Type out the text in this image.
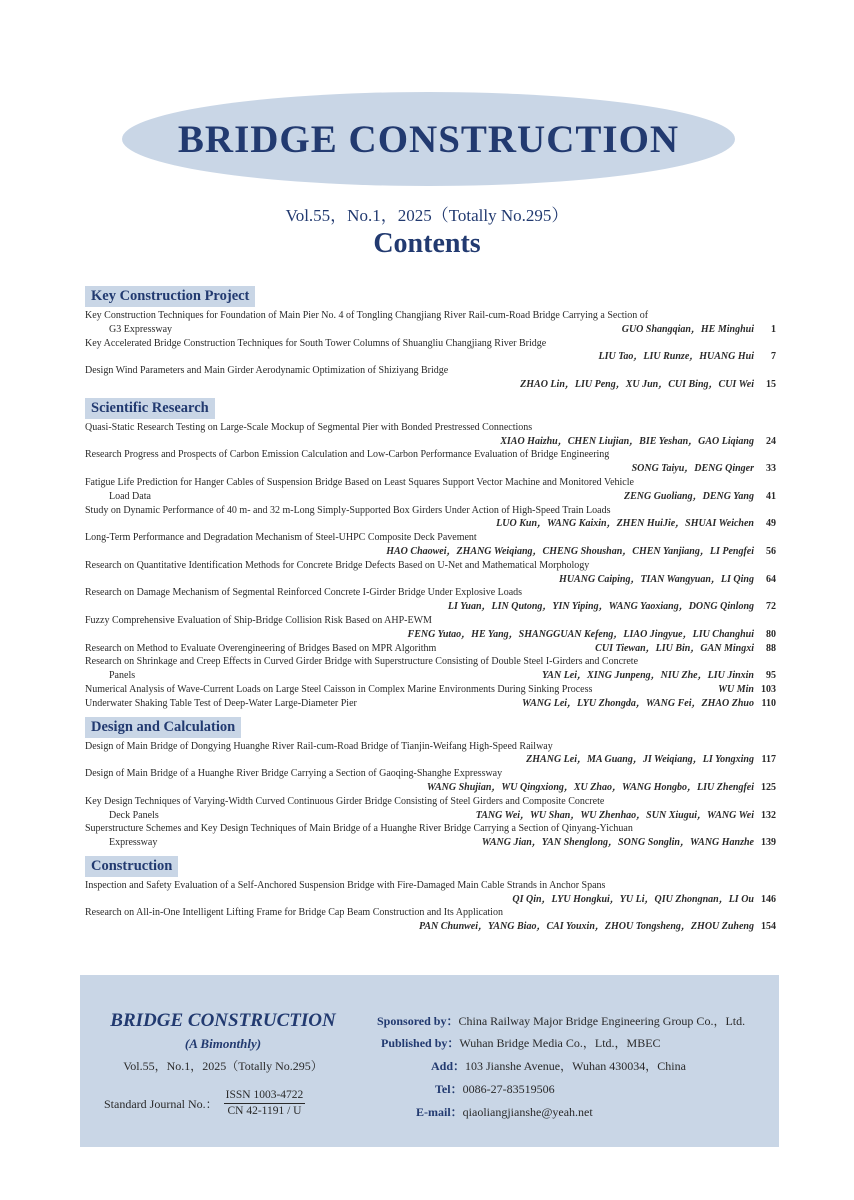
BRIDGE CONSTRUCTION
Vol.55，No.1，2025（Totally No.295）
Contents
Key Construction Project
Key Construction Techniques for Foundation of Main Pier No. 4 of Tongling Changjiang River Rail-cum-Road Bridge Carrying a Section of
G3 Expressway	GUO Shangqian，HE Minghui	1
Key Accelerated Bridge Construction Techniques for South Tower Columns of Shuangliu Changjiang River Bridge
LIU Tao，LIU Runze，HUANG Hui	7
Design Wind Parameters and Main Girder Aerodynamic Optimization of Shiziyang Bridge
ZHAO Lin，LIU Peng，XU Jun，CUI Bing，CUI Wei	15
Scientific Research
Quasi-Static Research Testing on Large-Scale Mockup of Segmental Pier with Bonded Prestressed Connections
XIAO Haizhu，CHEN Liujian，BIE Yeshan，GAO Liqiang	24
Research Progress and Prospects of Carbon Emission Calculation and Low-Carbon Performance Evaluation of Bridge Engineering
SONG Taiyu，DENG Qinger	33
Fatigue Life Prediction for Hanger Cables of Suspension Bridge Based on Least Squares Support Vector Machine and Monitored Vehicle
Load Data	ZENG Guoliang，DENG Yang	41
Study on Dynamic Performance of 40 m- and 32 m-Long Simply-Supported Box Girders Under Action of High-Speed Train Loads
LUO Kun，WANG Kaixin，ZHEN HuiJie，SHUAI Weichen	49
Long-Term Performance and Degradation Mechanism of Steel-UHPC Composite Deck Pavement
HAO Chaowei，ZHANG Weiqiang，CHENG Shoushan，CHEN Yanjiang，LI Pengfei	56
Research on Quantitative Identification Methods for Concrete Bridge Defects Based on U-Net and Mathematical Morphology
HUANG Caiping，TIAN Wangyuan，LI Qing	64
Research on Damage Mechanism of Segmental Reinforced Concrete I-Girder Bridge Under Explosive Loads
LI Yuan，LIN Qutong，YIN Yiping，WANG Yaoxiang，DONG Qinlong	72
Fuzzy Comprehensive Evaluation of Ship-Bridge Collision Risk Based on AHP-EWM
FENG Yutao，HE Yang，SHANGGUAN Kefeng，LIAO Jingyue，LIU Changhui	80
Research on Method to Evaluate Overengineering of Bridges Based on MPR Algorithm	CUI Tiewan，LIU Bin，GAN Mingxi	88
Research on Shrinkage and Creep Effects in Curved Girder Bridge with Superstructure Consisting of Double Steel I-Girders and Concrete
Panels	YAN Lei，XING Junpeng，NIU Zhe，LIU Jinxin	95
Numerical Analysis of Wave-Current Loads on Large Steel Caisson in Complex Marine Environments During Sinking Process	WU Min 103
Underwater Shaking Table Test of Deep-Water Large-Diameter Pier	WANG Lei，LYU Zhongda，WANG Fei，ZHAO Zhuo 110
Design and Calculation
Design of Main Bridge of Dongying Huanghe River Rail-cum-Road Bridge of Tianjin-Weifang High-Speed Railway
ZHANG Lei，MA Guang，JI Weiqiang，LI Yongxing 117
Design of Main Bridge of a Huanghe River Bridge Carrying a Section of Gaoqing-Shanghe Expressway
WANG Shujian，WU Qingxiong，XU Zhao，WANG Hongbo，LIU Zhengfei 125
Key Design Techniques of Varying-Width Curved Continuous Girder Bridge Consisting of Steel Girders and Composite Concrete
Deck Panels	TANG Wei，WU Shan，WU Zhenhao，SUN Xiugui，WANG Wei 132
Superstructure Schemes and Key Design Techniques of Main Bridge of a Huanghe River Bridge Carrying a Section of Qinyang-Yichuan
Expressway	WANG Jian，YAN Shenglong，SONG Songlin，WANG Hanzhe 139
Construction
Inspection and Safety Evaluation of a Self-Anchored Suspension Bridge with Fire-Damaged Main Cable Strands in Anchor Spans
QI Qin，LYU Hongkui，YU Li，QIU Zhongnan，LI Ou 146
Research on All-in-One Intelligent Lifting Frame for Bridge Cap Beam Construction and Its Application
PAN Chunwei，YANG Biao，CAI Youxin，ZHOU Tongsheng，ZHOU Zuheng 154
BRIDGE CONSTRUCTION
(A Bimonthly)
Vol.55，No.1，2025（Totally No.295）
Standard Journal No.：
ISSN 1003-4722
CN 42-1191 / U
Sponsored by：China Railway Major Bridge Engineering Group Co.，Ltd.
Published by：Wuhan Bridge Media Co.，Ltd.，MBEC
Add：103 Jianshe Avenue，Wuhan 430034，China
Tel：0086-27-83519506
E-mail：qiaoliangjianshe@yeah.net
